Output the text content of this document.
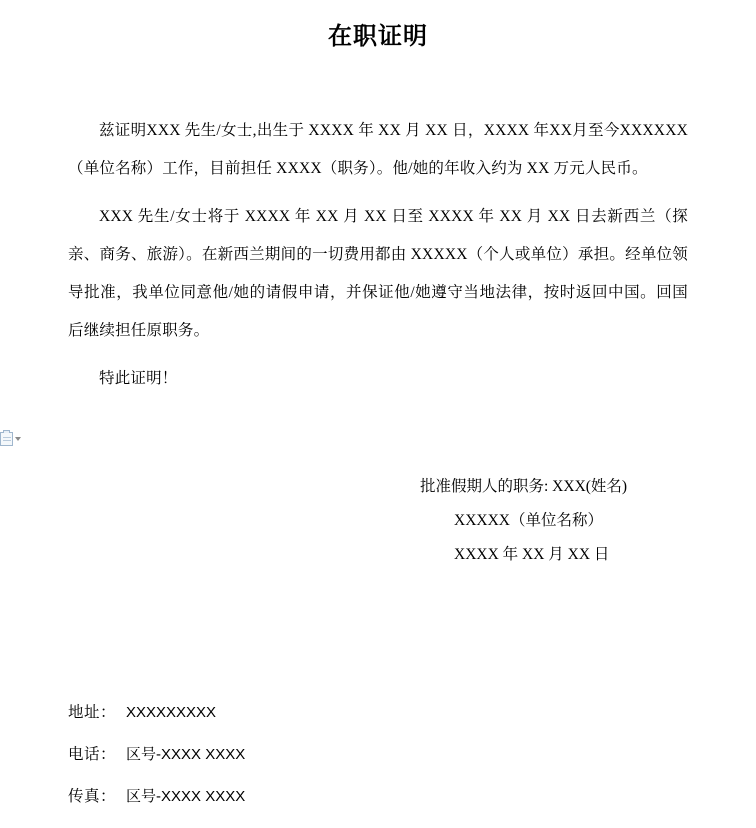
在职证明

兹证明XXX 先生/女士,出生于 XXXX 年 XX 月 XX 日，XXXX 年XX月至今XXXXXX（单位名称）工作，目前担任 XXXX（职务）。他/她的年收入约为 XX 万元人民币。

XXX 先生/女士将于 XXXX 年 XX 月 XX 日至 XXXX 年 XX 月 XX 日去新西兰（探亲、商务、旅游）。在新西兰期间的一切费用都由 XXXXX（个人或单位）承担。经单位领导批准，我单位同意他/她的请假申请，并保证他/她遵守当地法律，按时返回中国。回国后继续担任原职务。

特此证明！

批准假期人的职务: XXX(姓名)
XXXXX（单位名称）
XXXX 年 XX 月 XX 日
地址： XXXXXXXXX
电话： 区号-XXXX XXXX
传真： 区号-XXXX XXXX
